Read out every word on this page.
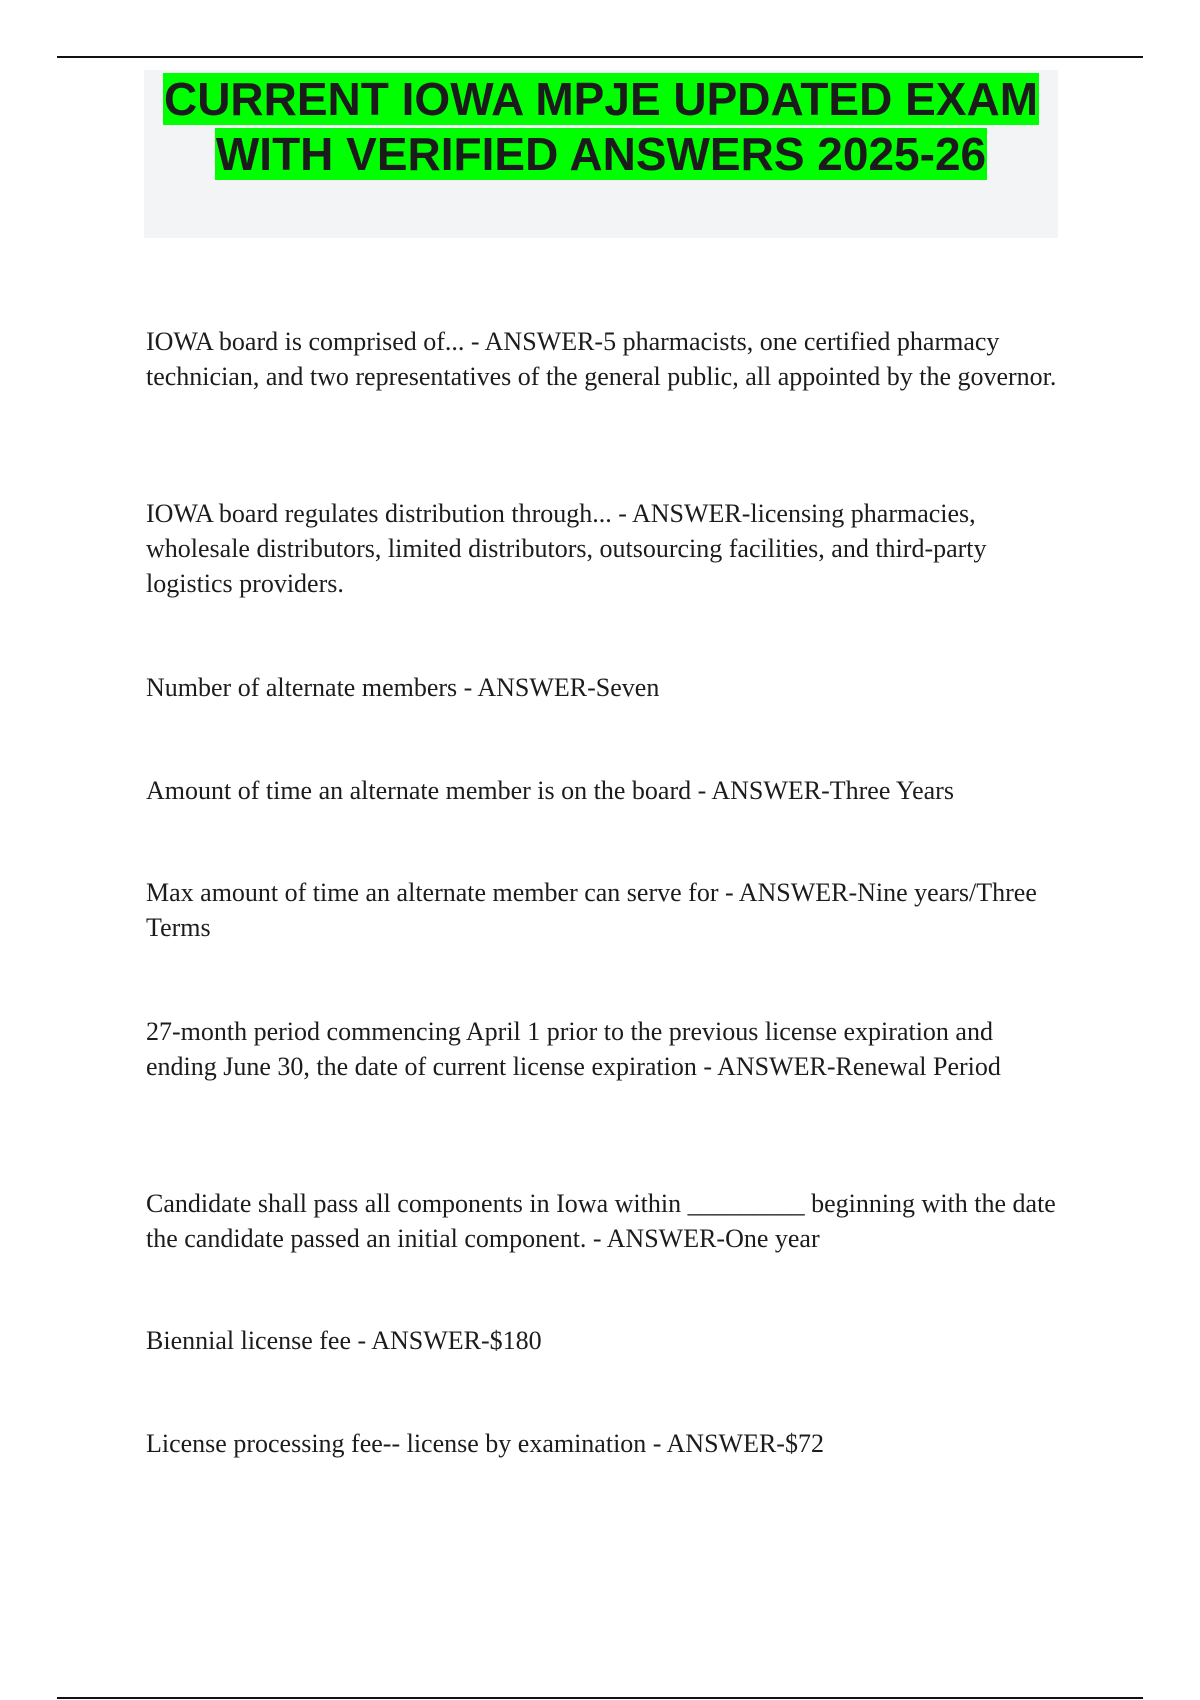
CURRENT IOWA MPJE UPDATED EXAM WITH VERIFIED ANSWERS 2025-26

IOWA board is comprised of... - ANSWER-5 pharmacists, one certified pharmacy technician, and two representatives of the general public, all appointed by the governor.

IOWA board regulates distribution through... - ANSWER-licensing pharmacies, wholesale distributors, limited distributors, outsourcing facilities, and third-party logistics providers.

Number of alternate members - ANSWER-Seven

Amount of time an alternate member is on the board - ANSWER-Three Years

Max amount of time an alternate member can serve for - ANSWER-Nine years/Three Terms

27-month period commencing April 1 prior to the previous license expiration and ending June 30, the date of current license expiration - ANSWER-Renewal Period

Candidate shall pass all components in Iowa within _________ beginning with the date the candidate passed an initial component. - ANSWER-One year

Biennial license fee - ANSWER-$180

License processing fee-- license by examination - ANSWER-$72
